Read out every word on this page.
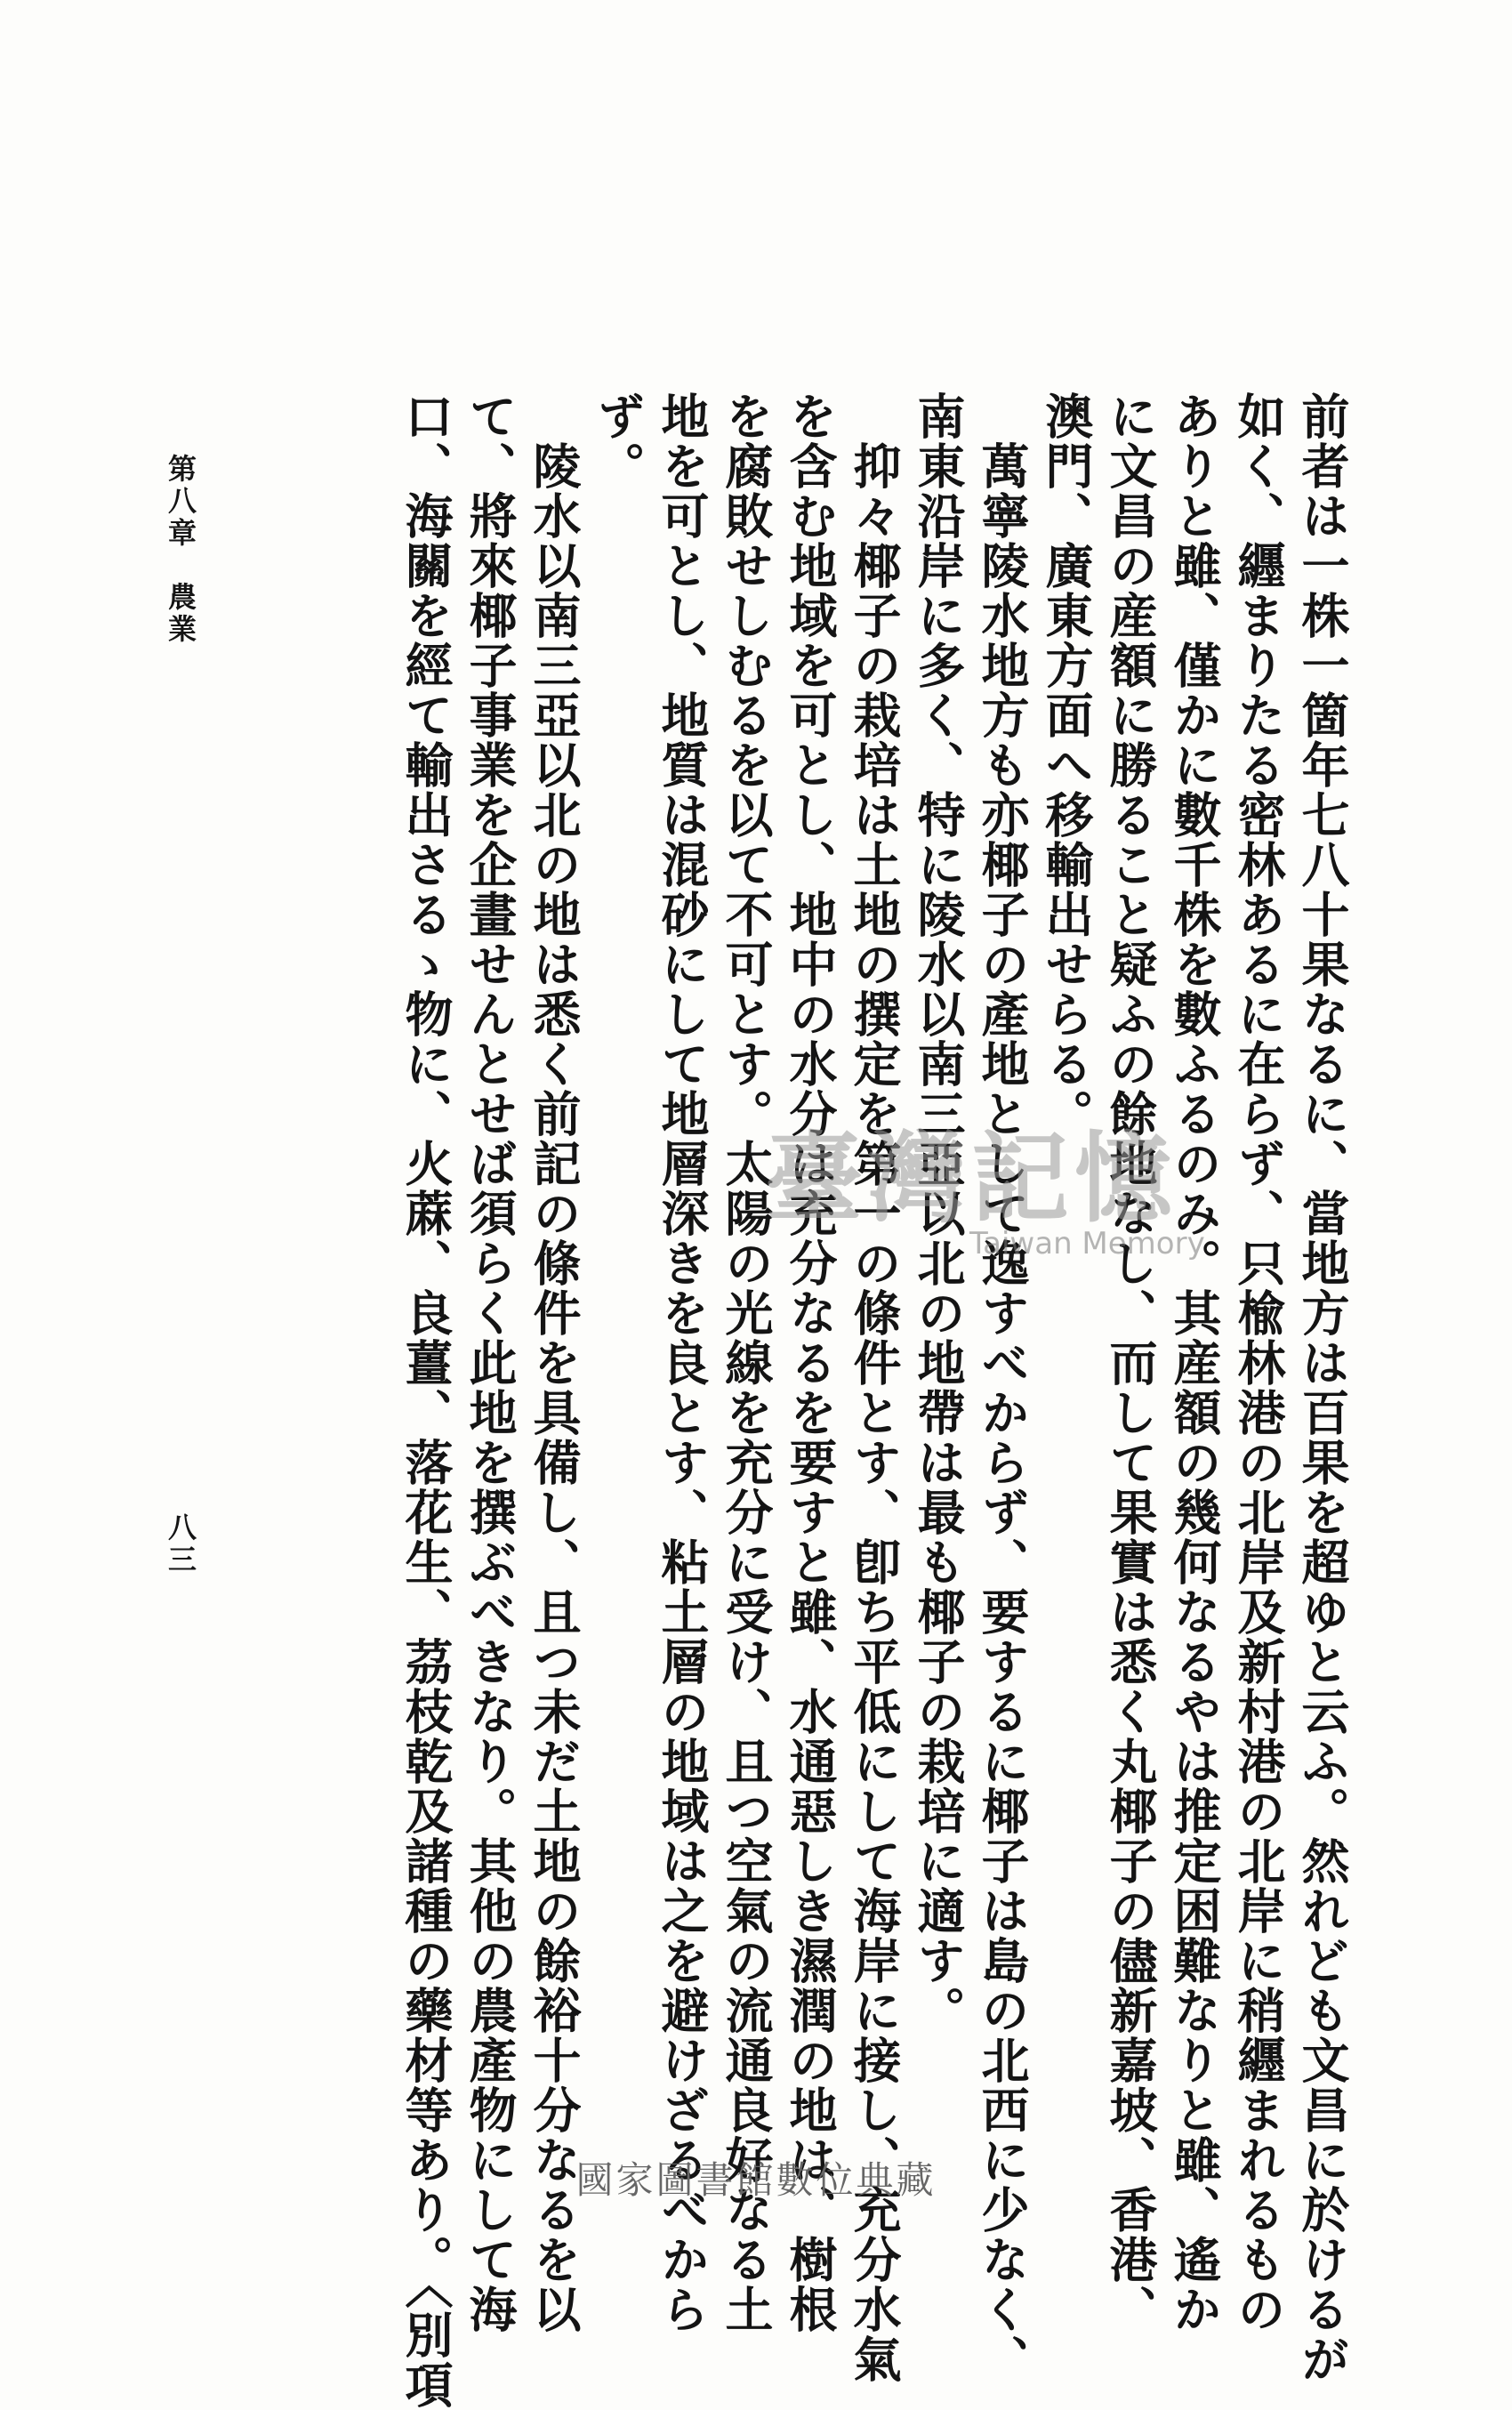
前者は一株一箇年七八十果なるに、當地方は百果を超ゆと云ふ。然れども文昌に於けるが
如く、纒まりたる密林あるに在らず、只楡林港の北岸及新村港の北岸に稍纒まれるもの
ありと雖、僅かに數千株を數ふるのみ。其産額の幾何なるやは推定困難なりと雖、遙か
に文昌の産額に勝ること疑ふの餘地なし、而して果實は悉く丸椰子の儘新嘉坡、香港、
澳門、廣東方面へ移輸出せらる。
萬寧陵水地方も亦椰子の產地として逸すべからず、要するに椰子は島の北西に少なく、
南東沿岸に多く、特に陵水以南三亞以北の地帶は最も椰子の栽培に適す。
抑々椰子の栽培は土地の撰定を第一の條件とす、卽ち平低にして海岸に接し、充分水氣
を含む地域を可とし、地中の水分は充分なるを要すと雖、水通惡しき濕潤の地は、樹根
を腐敗せしむるを以て不可とす。太陽の光線を充分に受け、且つ空氣の流通良好なる土
地を可とし、地質は混砂にして地層深きを良とす、粘土層の地域は之を避けざるべから
ず。
陵水以南三亞以北の地は悉く前記の條件を具備し、且つ未だ土地の餘裕十分なるを以
て、將來椰子事業を企畫せんとせば須らく此地を撰ぶべきなり。其他の農產物にして海
口、海關を經て輸出さるゝ物に、火蔴、良薑、落花生、茘枝乾及諸種の藥材等あり。〈別項
第八章　農業
八三
臺灣記憶
Taiwan Memory
國家圖書館數位典藏
